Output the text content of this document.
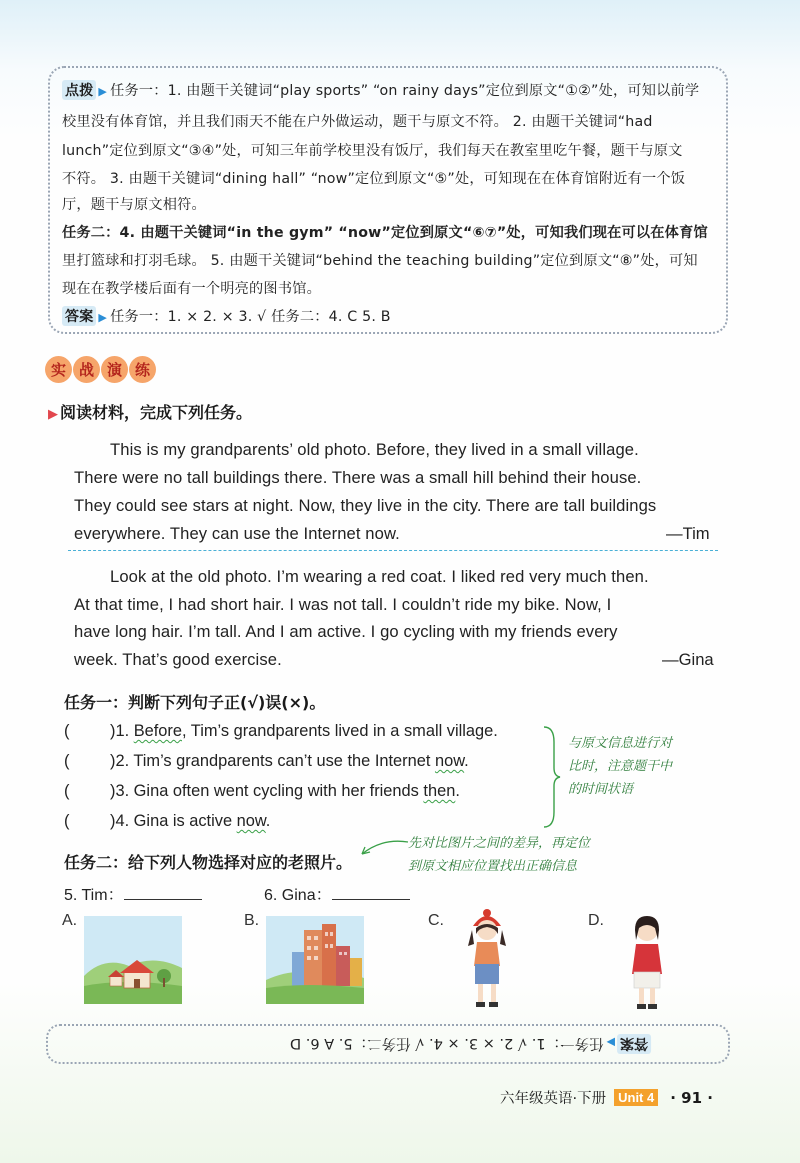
点拨 ▶ 任务一：1. 由题干关键词“play sports” “on rainy days”定位到原文“①②”处，可知以前学
校里没有体育馆，并且我们雨天不能在户外做运动，题干与原文不符。 2. 由题干关键词“had
lunch”定位到原文“③④”处，可知三年前学校里没有饭厅，我们每天在教室里吃午餐，题干与原文
不符。 3. 由题干关键词“dining hall” “now”定位到原文“⑤”处，可知现在在体育馆附近有一个饭
厅，题干与原文相符。
任务二：4. 由题干关键词“in the gym” “now”定位到原文“⑥⑦”处，可知我们现在可以在体育馆
里打篮球和打羽毛球。 5. 由题干关键词“behind the teaching building”定位到原文“⑧”处，可知
现在在教学楼后面有一个明亮的图书馆。
答案 ▶ 任务一：1. × 2. × 3. √ 任务二：4. C 5. B
实 战 演 练
▶ 阅读材料，完成下列任务。
This is my grandparents’ old photo. Before, they lived in a small village.
There were no tall buildings there. There was a small hill behind their house.
They could see stars at night. Now, they live in the city. There are tall buildings
everywhere. They can use the Internet now.	—Tim
Look at the old photo. I’m wearing a red coat. I liked red very much then.
At that time, I had short hair. I was not tall. I couldn’t ride my bike. Now, I
have long hair. I’m tall. And I am active. I go cycling with my friends every
week. That’s good exercise.	—Gina
任务一：判断下列句子正(√)误(×)。
( )1. Before, Tim’s grandparents lived in a small village.
( )2. Tim’s grandparents can’t use the Internet now.
( )3. Gina often went cycling with her friends then.
( )4. Gina is active now.
与原文信息进行对
比时，注意题干中
的时间状语
任务二：给下列人物选择对应的老照片。
先对比图片之间的差异，再定位
到原文相应位置找出正确信息
5. Tim：	6. Gina：
A.	B.	C.	D.
答案▶任务一：1. √ 2. × 3. × 4. √ 任务二：5. A 6. D
六年级英语·下册 Unit 4 · 91 ·
